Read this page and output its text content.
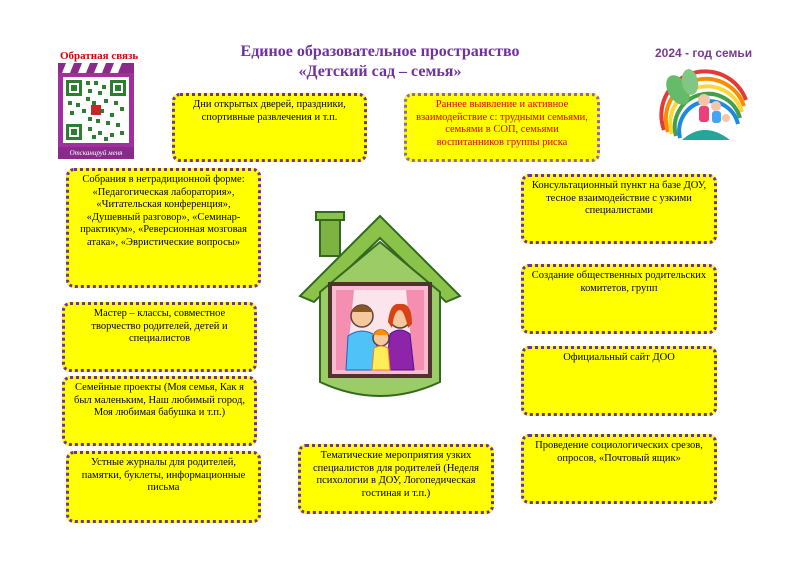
Обратная связь
Отсканируй меня
Единое образовательное пространство
«Детский сад – семья»
2024 - год семьи
Дни открытых дверей, праздники, спортивные развлечения и т.п.
Раннее выявление и активное взаимодействие с: трудными семьями, семьями в СОП, семьями воспитанников группы риска
Собрания в нетрадиционной форме: «Педагогическая лаборатория», «Читательская конференция», «Душевный разговор», «Семинар-практикум», «Реверсионная мозговая атака», «Эвристические вопросы»
Мастер – классы, совместное творчество родителей, детей и специалистов
Семейные проекты (Моя семья, Как я был маленьким, Наш любимый город, Моя любимая бабушка и т.п.)
Устные журналы для родителей, памятки, буклеты, информационные письма
Тематические мероприятия узких специалистов для родителей (Неделя психологии в ДОУ, Логопедическая гостиная и т.п.)
Консультационный пункт на базе ДОУ, тесное взаимодействие с узкими специалистами
Создание общественных родительских комитетов, групп
Официальный сайт ДОО
Проведение социологических срезов, опросов, «Почтовый ящик»
